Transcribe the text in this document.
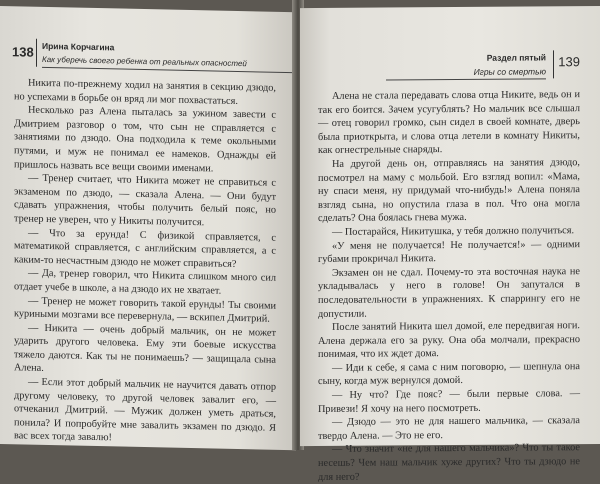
138 Ирина Корчагина
Как уберечь своего ребенка от реальных опасностей

Никита по-прежнему ходил на занятия в секцию дзюдо, но успехами в борьбе он вряд ли мог похвастаться.

Несколько раз Алена пыталась за ужином завести с Дмитрием разговор о том, что сын не справляется с занятиями по дзюдо. Она подходила к теме окольными путями, и муж не понимал ее намеков. Однажды ей пришлось назвать все вещи своими именами.

— Тренер считает, что Никита может не справиться с экзаменом по дзюдо, — сказала Алена. — Они будут сдавать упражнения, чтобы получить белый пояс, но тренер не уверен, что у Никиты получится.

— Что за ерунда! С физикой справляется, с математикой справляется, с английским справляется, а с каким-то несчастным дзюдо не может справиться?

— Да, тренер говорил, что Никита слишком много сил отдает учебе в школе, а на дзюдо их не хватает.

— Тренер не может говорить такой ерунды! Ты своими куриными мозгами все перевернула, — вскипел Дмитрий.

— Никита — очень добрый мальчик, он не может ударить другого человека. Ему эти боевые искусства тяжело даются. Как ты не понимаешь? — защищала сына Алена.

— Если этот добрый мальчик не научится давать отпор другому человеку, то другой человек завалит его, — отчеканил Дмитрий. — Мужик должен уметь драться, понила? И попробуйте мне завалить экзамен по дзюдо. Я вас всех тогда завалю!

Раздел пятый
Игры со смертью
139

Алена не стала передавать слова отца Никите, ведь он и так его боится. Зачем усугублять? Но мальчик все слышал — отец говорил громко, сын сидел в своей комнате, дверь была приоткрыта, и слова отца летели в комнату Никиты, как огнестрельные снаряды.

На другой день он, отправляясь на занятия дзюдо, посмотрел на маму с мольбой. Его взгляд вопил: «Мама, ну спаси меня, ну придумай что-нибудь!» Алена поняла взгляд сына, но опустила глаза в пол. Что она могла сделать? Она боялась гнева мужа.

— Постарайся, Никитушка, у тебя должно получиться.

«У меня не получается! Не получается!» — одними губами прокричал Никита.

Экзамен он не сдал. Почему-то эта восточная наука не укладывалась у него в голове! Он запутался в последовательности в упражнениях. К спаррингу его не допустили.

После занятий Никита шел домой, еле передвигая ноги. Алена держала его за руку. Она оба молчали, прекрасно понимая, что их ждет дома.

— Иди к себе, я сама с ним поговорю, — шепнула она сыну, когда муж вернулся домой.

— Ну что? Где пояс? — были первые слова. — Привези! Я хочу на него посмотреть.

— Дзюдо — это не для нашего мальчика, — сказала твердо Алена. — Это не его.

— Что значит «не для нашего мальчика»? Что ты такое несешь? Чем наш мальчик хуже других? Что ты дзюдо не для него?
